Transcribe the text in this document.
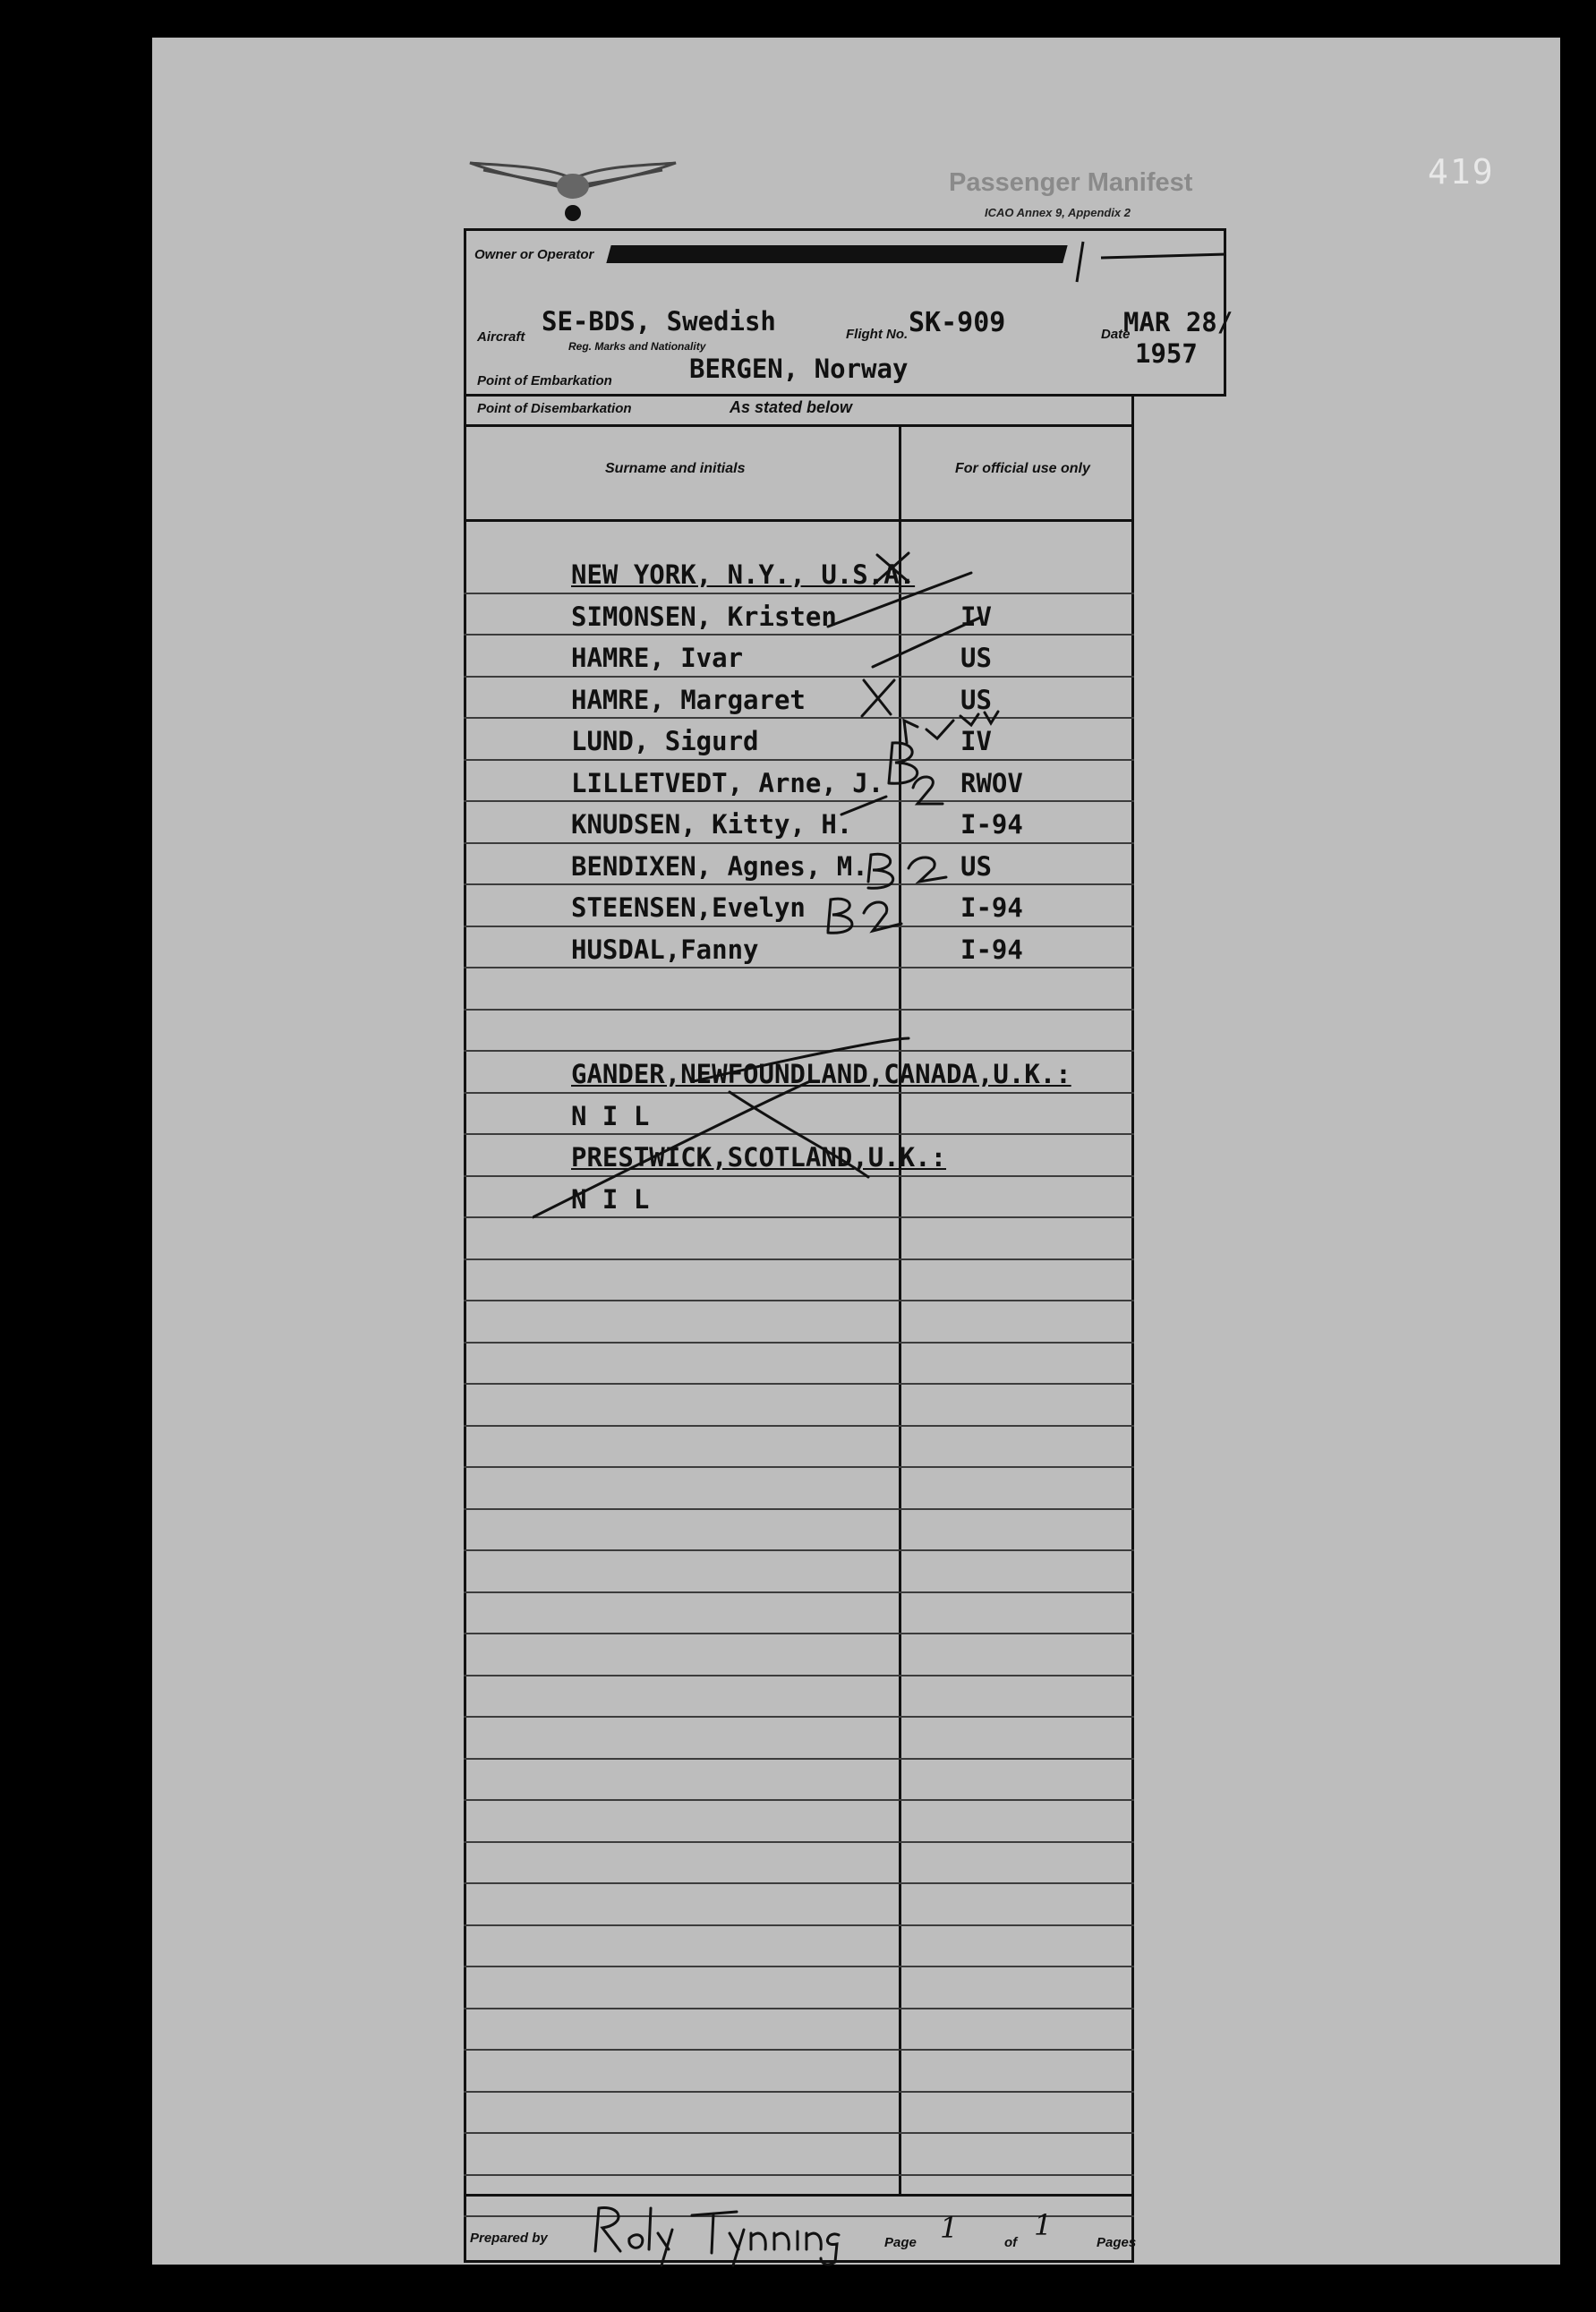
419
Passenger Manifest
ICAO Annex 9, Appendix 2
Owner or Operator
Aircraft
SE-BDS, Swedish
Reg. Marks and Nationality
Flight No. SK-909	Date
MAR 28/
1957
Point of Embarkation	BERGEN, Norway
Point of Disembarkation	As stated below
Surname and initials	For official use only
NEW YORK, N.Y., U.S.A.
SIMONSEN, Kristen	IV
HAMRE, Ivar	US
HAMRE, Margaret	US
LUND, Sigurd	IV
LILLETVEDT, Arne, J.	RWOV
KNUDSEN, Kitty, H.	I-94
BENDIXEN, Agnes, M.	US
STEENSEN,Evelyn	I-94
HUSDAL,Fanny	I-94
GANDER,NEWFOUNDLAND,CANADA,U.K.:
N I L
PRESTWICK,SCOTLAND,U.K.:
N I L
Prepared by	Page 1	of
1
Pages
